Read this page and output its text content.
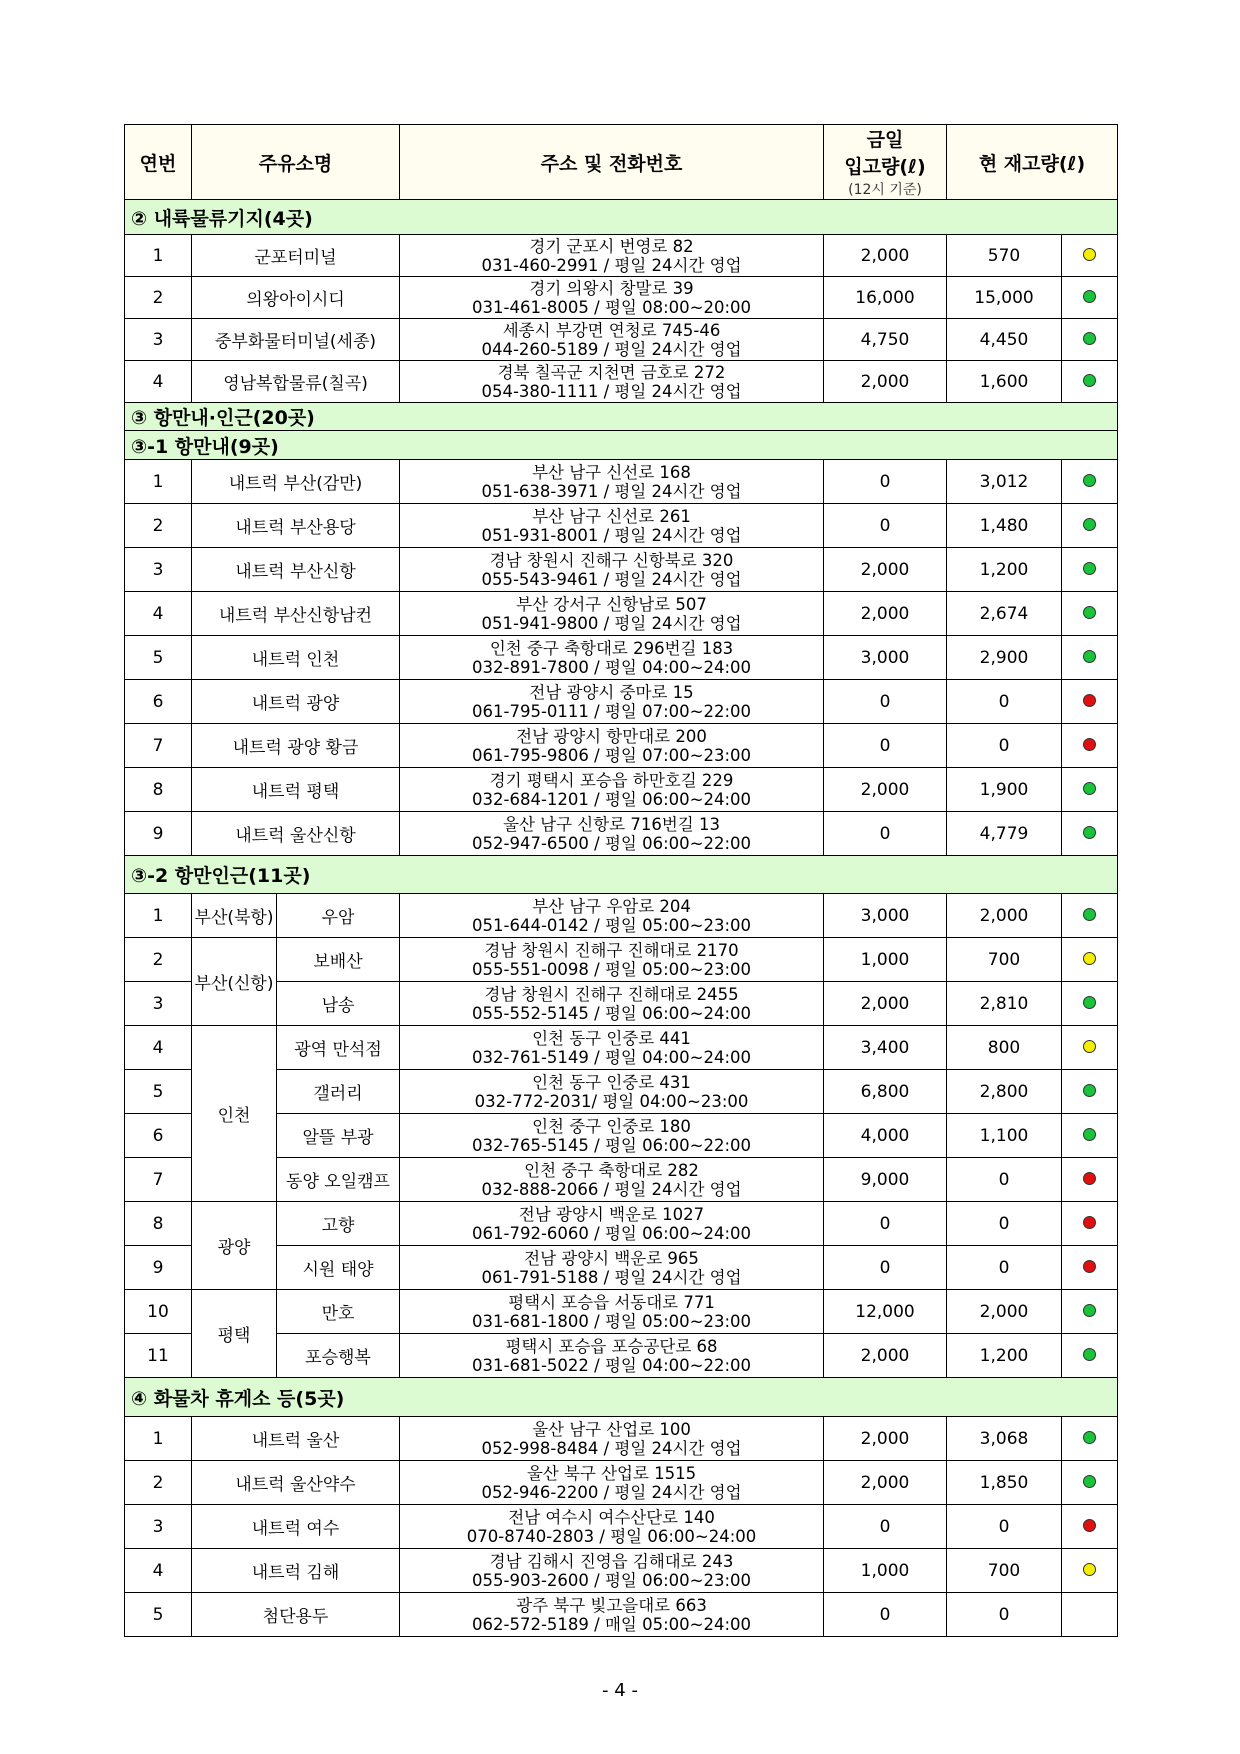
연번	주유소명		주소 및 전화번호	금일
입고량(ℓ)
(12시 기준)	현 재고량(ℓ)	
② 내륙물류기지(4곳)						
1	군포터미널		경기 군포시 번영로 82
031-460-2991 / 평일 24시간 영업	2,000	570	
2	의왕아이시디		경기 의왕시 창말로 39
031-461-8005 / 평일 08:00~20:00	16,000	15,000	
3	중부화물터미널(세종)		세종시 부강면 연청로 745-46
044-260-5189 / 평일 24시간 영업	4,750	4,450	
4	영남복합물류(칠곡)		경북 칠곡군 지천면 금호로 272
054-380-1111 / 평일 24시간 영업	2,000	1,600	
③ 항만내·인근(20곳)						
③-1 항만내(9곳)						
1	내트럭 부산(감만)		부산 남구 신선로 168
051-638-3971 / 평일 24시간 영업	0	3,012	
2	내트럭 부산용당		부산 남구 신선로 261
051-931-8001 / 평일 24시간 영업	0	1,480	
3	내트럭 부산신항		경남 창원시 진해구 신항북로 320
055-543-9461 / 평일 24시간 영업	2,000	1,200	
4	내트럭 부산신항남컨		부산 강서구 신항남로 507
051-941-9800 / 평일 24시간 영업	2,000	2,674	
5	내트럭 인천		인천 중구 축항대로 296번길 183
032-891-7800 / 평일 04:00~24:00	3,000	2,900	
6	내트럭 광양		전남 광양시 중마로 15
061-795-0111 / 평일 07:00~22:00	0	0	
7	내트럭 광양 황금		전남 광양시 항만대로 200
061-795-9806 / 평일 07:00~23:00	0	0	
8	내트럭 평택		경기 평택시 포승읍 하만호길 229
032-684-1201 / 평일 06:00~24:00	2,000	1,900	
9	내트럭 울산신항		울산 남구 신항로 716번길 13
052-947-6500 / 평일 06:00~22:00	0	4,779	
③-2 항만인근(11곳)						
1	부산(북항)	우암	부산 남구 우암로 204
051-644-0142 / 평일 05:00~23:00	3,000	2,000	
2	부산(신항)	보배산	경남 창원시 진해구 진해대로 2170
055-551-0098 / 평일 05:00~23:00	1,000	700	
3		남송	경남 창원시 진해구 진해대로 2455
055-552-5145 / 평일 06:00~24:00	2,000	2,810	
4	인천	광역 만석점	인천 동구 인중로 441
032-761-5149 / 평일 04:00~24:00	3,400	800	
5		갤러리	인천 동구 인중로 431
032-772-2031/ 평일 04:00~23:00	6,800	2,800	
6		알뜰 부광	인천 중구 인중로 180
032-765-5145 / 평일 06:00~22:00	4,000	1,100	
7		동양 오일캠프	인천 중구 축항대로 282
032-888-2066 / 평일 24시간 영업	9,000	0	
8	광양	고향	전남 광양시 백운로 1027
061-792-6060 / 평일 06:00~24:00	0	0	
9		시원 태양	전남 광양시 백운로 965
061-791-5188 / 평일 24시간 영업	0	0	
10	평택	만호	평택시 포승읍 서동대로 771
031-681-1800 / 평일 05:00~23:00	12,000	2,000	
11		포승행복	평택시 포승읍 포승공단로 68
031-681-5022 / 평일 04:00~22:00	2,000	1,200	
④ 화물차 휴게소 등(5곳)						
1	내트럭 울산		울산 남구 산업로 100
052-998-8484 / 평일 24시간 영업	2,000	3,068	
2	내트럭 울산약수		울산 북구 산업로 1515
052-946-2200 / 평일 24시간 영업	2,000	1,850	
3	내트럭 여수		전남 여수시 여수산단로 140
070-8740-2803 / 평일 06:00~24:00	0	0	
4	내트럭 김해		경남 김해시 진영읍 김해대로 243
055-903-2600 / 평일 06:00~23:00	1,000	700	
5	첨단용두		광주 북구 빛고을대로 663
062-572-5189 / 매일 05:00~24:00	0	0	
- 4 -
